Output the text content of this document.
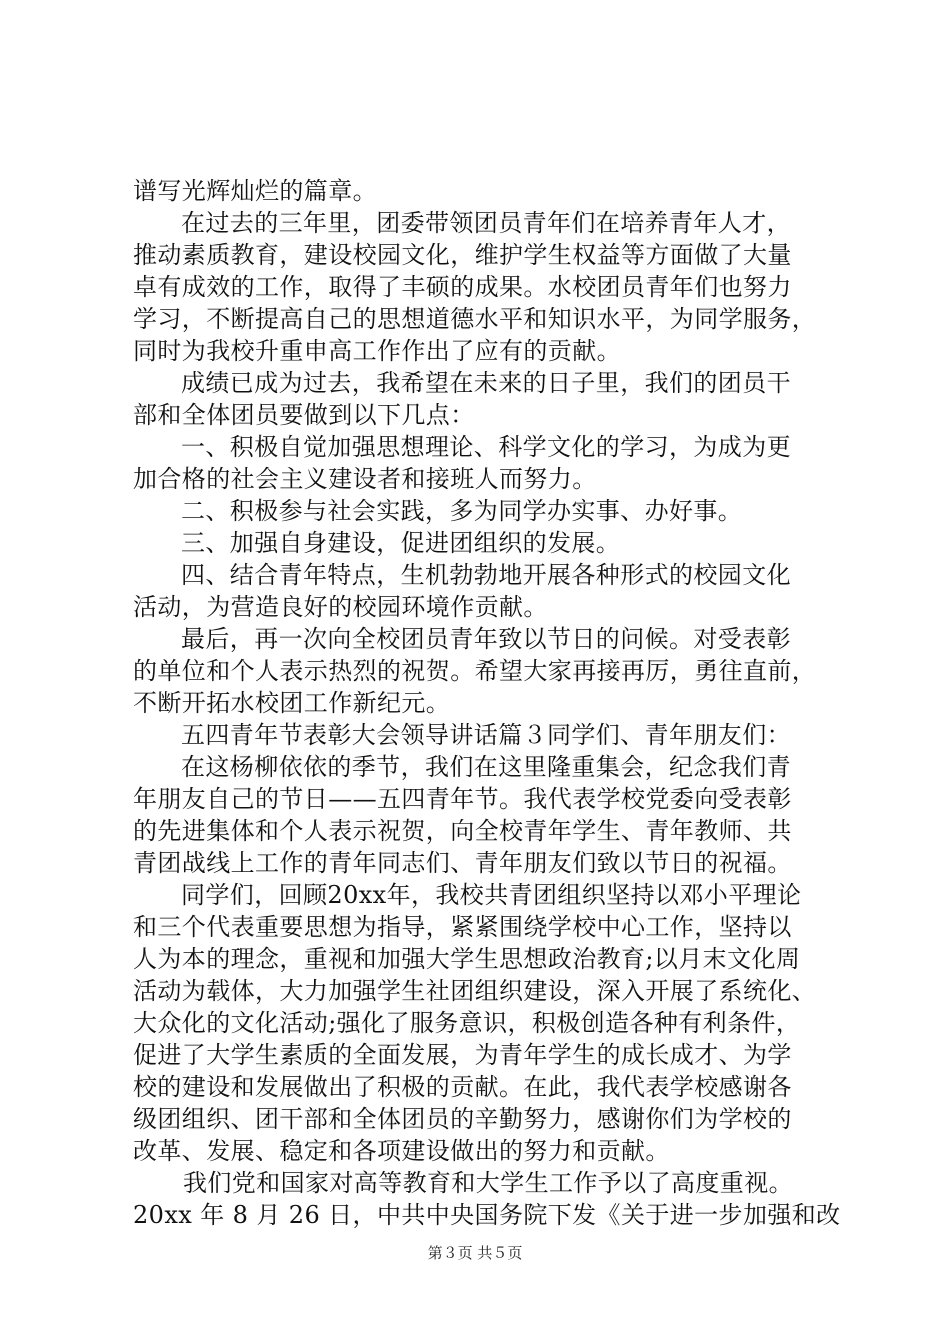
谱写光辉灿烂的篇章。
在过去的三年里，团委带领团员青年们在培养青年人才，
推动素质教育，建设校园文化，维护学生权益等方面做了大量
卓有成效的工作，取得了丰硕的成果。水校团员青年们也努力
学习，不断提高自己的思想道德水平和知识水平，为同学服务，
同时为我校升重申高工作作出了应有的贡献。
成绩已成为过去，我希望在未来的日子里，我们的团员干
部和全体团员要做到以下几点：
一、积极自觉加强思想理论、科学文化的学习，为成为更
加合格的社会主义建设者和接班人而努力。
二、积极参与社会实践，多为同学办实事、办好事。
三、加强自身建设，促进团组织的发展。
四、结合青年特点，生机勃勃地开展各种形式的校园文化
活动，为营造良好的校园环境作贡献。
最后，再一次向全校团员青年致以节日的问候。对受表彰
的单位和个人表示热烈的祝贺。希望大家再接再厉，勇往直前，
不断开拓水校团工作新纪元。
五四青年节表彰大会领导讲话篇３同学们、青年朋友们：
在这杨柳依依的季节，我们在这里隆重集会，纪念我们青
年朋友自己的节日——五四青年节。我代表学校党委向受表彰
的先进集体和个人表示祝贺，向全校青年学生、青年教师、共
青团战线上工作的青年同志们、青年朋友们致以节日的祝福。
同学们，回顾20xx年，我校共青团组织坚持以邓小平理论
和三个代表重要思想为指导，紧紧围绕学校中心工作，坚持以
人为本的理念，重视和加强大学生思想政治教育;以月末文化周
活动为载体，大力加强学生社团组织建设，深入开展了系统化、
大众化的文化活动;强化了服务意识，积极创造各种有利条件，
促进了大学生素质的全面发展，为青年学生的成长成才、为学
校的建设和发展做出了积极的贡献。在此，我代表学校感谢各
级团组织、团干部和全体团员的辛勤努力，感谢你们为学校的
改革、发展、稳定和各项建设做出的努力和贡献。
我们党和国家对高等教育和大学生工作予以了高度重视。
20xx 年 8 月 26 日，中共中央国务院下发《关于进一步加强和改
第３页 共５页
